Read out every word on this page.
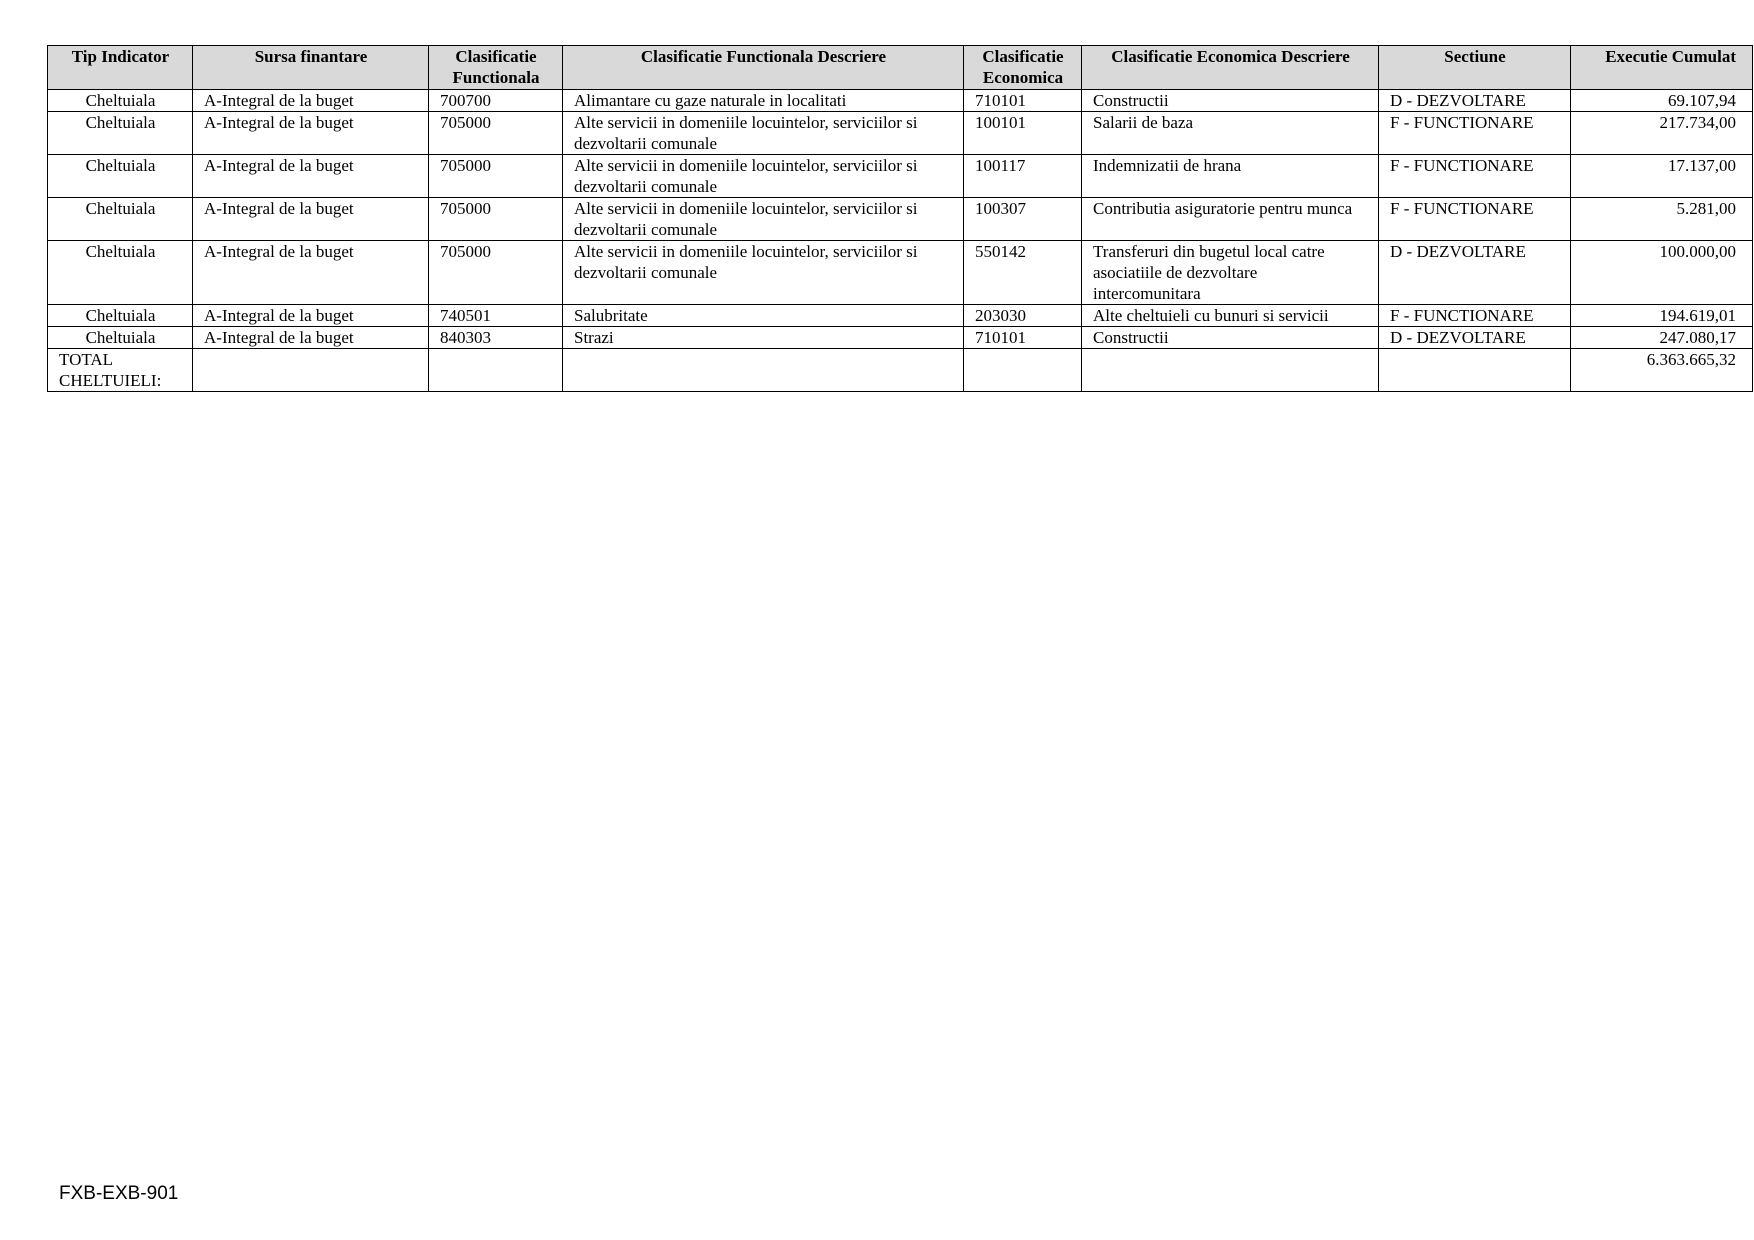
Tip Indicator	Sursa finantare	Clasificatie Functionala	Clasificatie Functionala Descriere	Clasificatie Economica	Clasificatie Economica Descriere	Sectiune	Executie Cumulat
Cheltuiala	A-Integral de la buget	700700	Alimantare cu gaze naturale in localitati	710101	Constructii	D - DEZVOLTARE	69.107,94
Cheltuiala	A-Integral de la buget	705000	Alte servicii in domeniile locuintelor, serviciilor si dezvoltarii comunale	100101	Salarii de baza	F - FUNCTIONARE	217.734,00
Cheltuiala	A-Integral de la buget	705000	Alte servicii in domeniile locuintelor, serviciilor si dezvoltarii comunale	100117	Indemnizatii de hrana	F - FUNCTIONARE	17.137,00
Cheltuiala	A-Integral de la buget	705000	Alte servicii in domeniile locuintelor, serviciilor si dezvoltarii comunale	100307	Contributia asiguratorie pentru munca	F - FUNCTIONARE	5.281,00
Cheltuiala	A-Integral de la buget	705000	Alte servicii in domeniile locuintelor, serviciilor si dezvoltarii comunale	550142	Transferuri din bugetul local catre asociatiile de dezvoltare intercomunitara	D - DEZVOLTARE	100.000,00
Cheltuiala	A-Integral de la buget	740501	Salubritate	203030	Alte cheltuieli cu bunuri si servicii	F - FUNCTIONARE	194.619,01
Cheltuiala	A-Integral de la buget	840303	Strazi	710101	Constructii	D - DEZVOLTARE	247.080,17
TOTAL CHELTUIELI:							6.363.665,32
FXB-EXB-901
